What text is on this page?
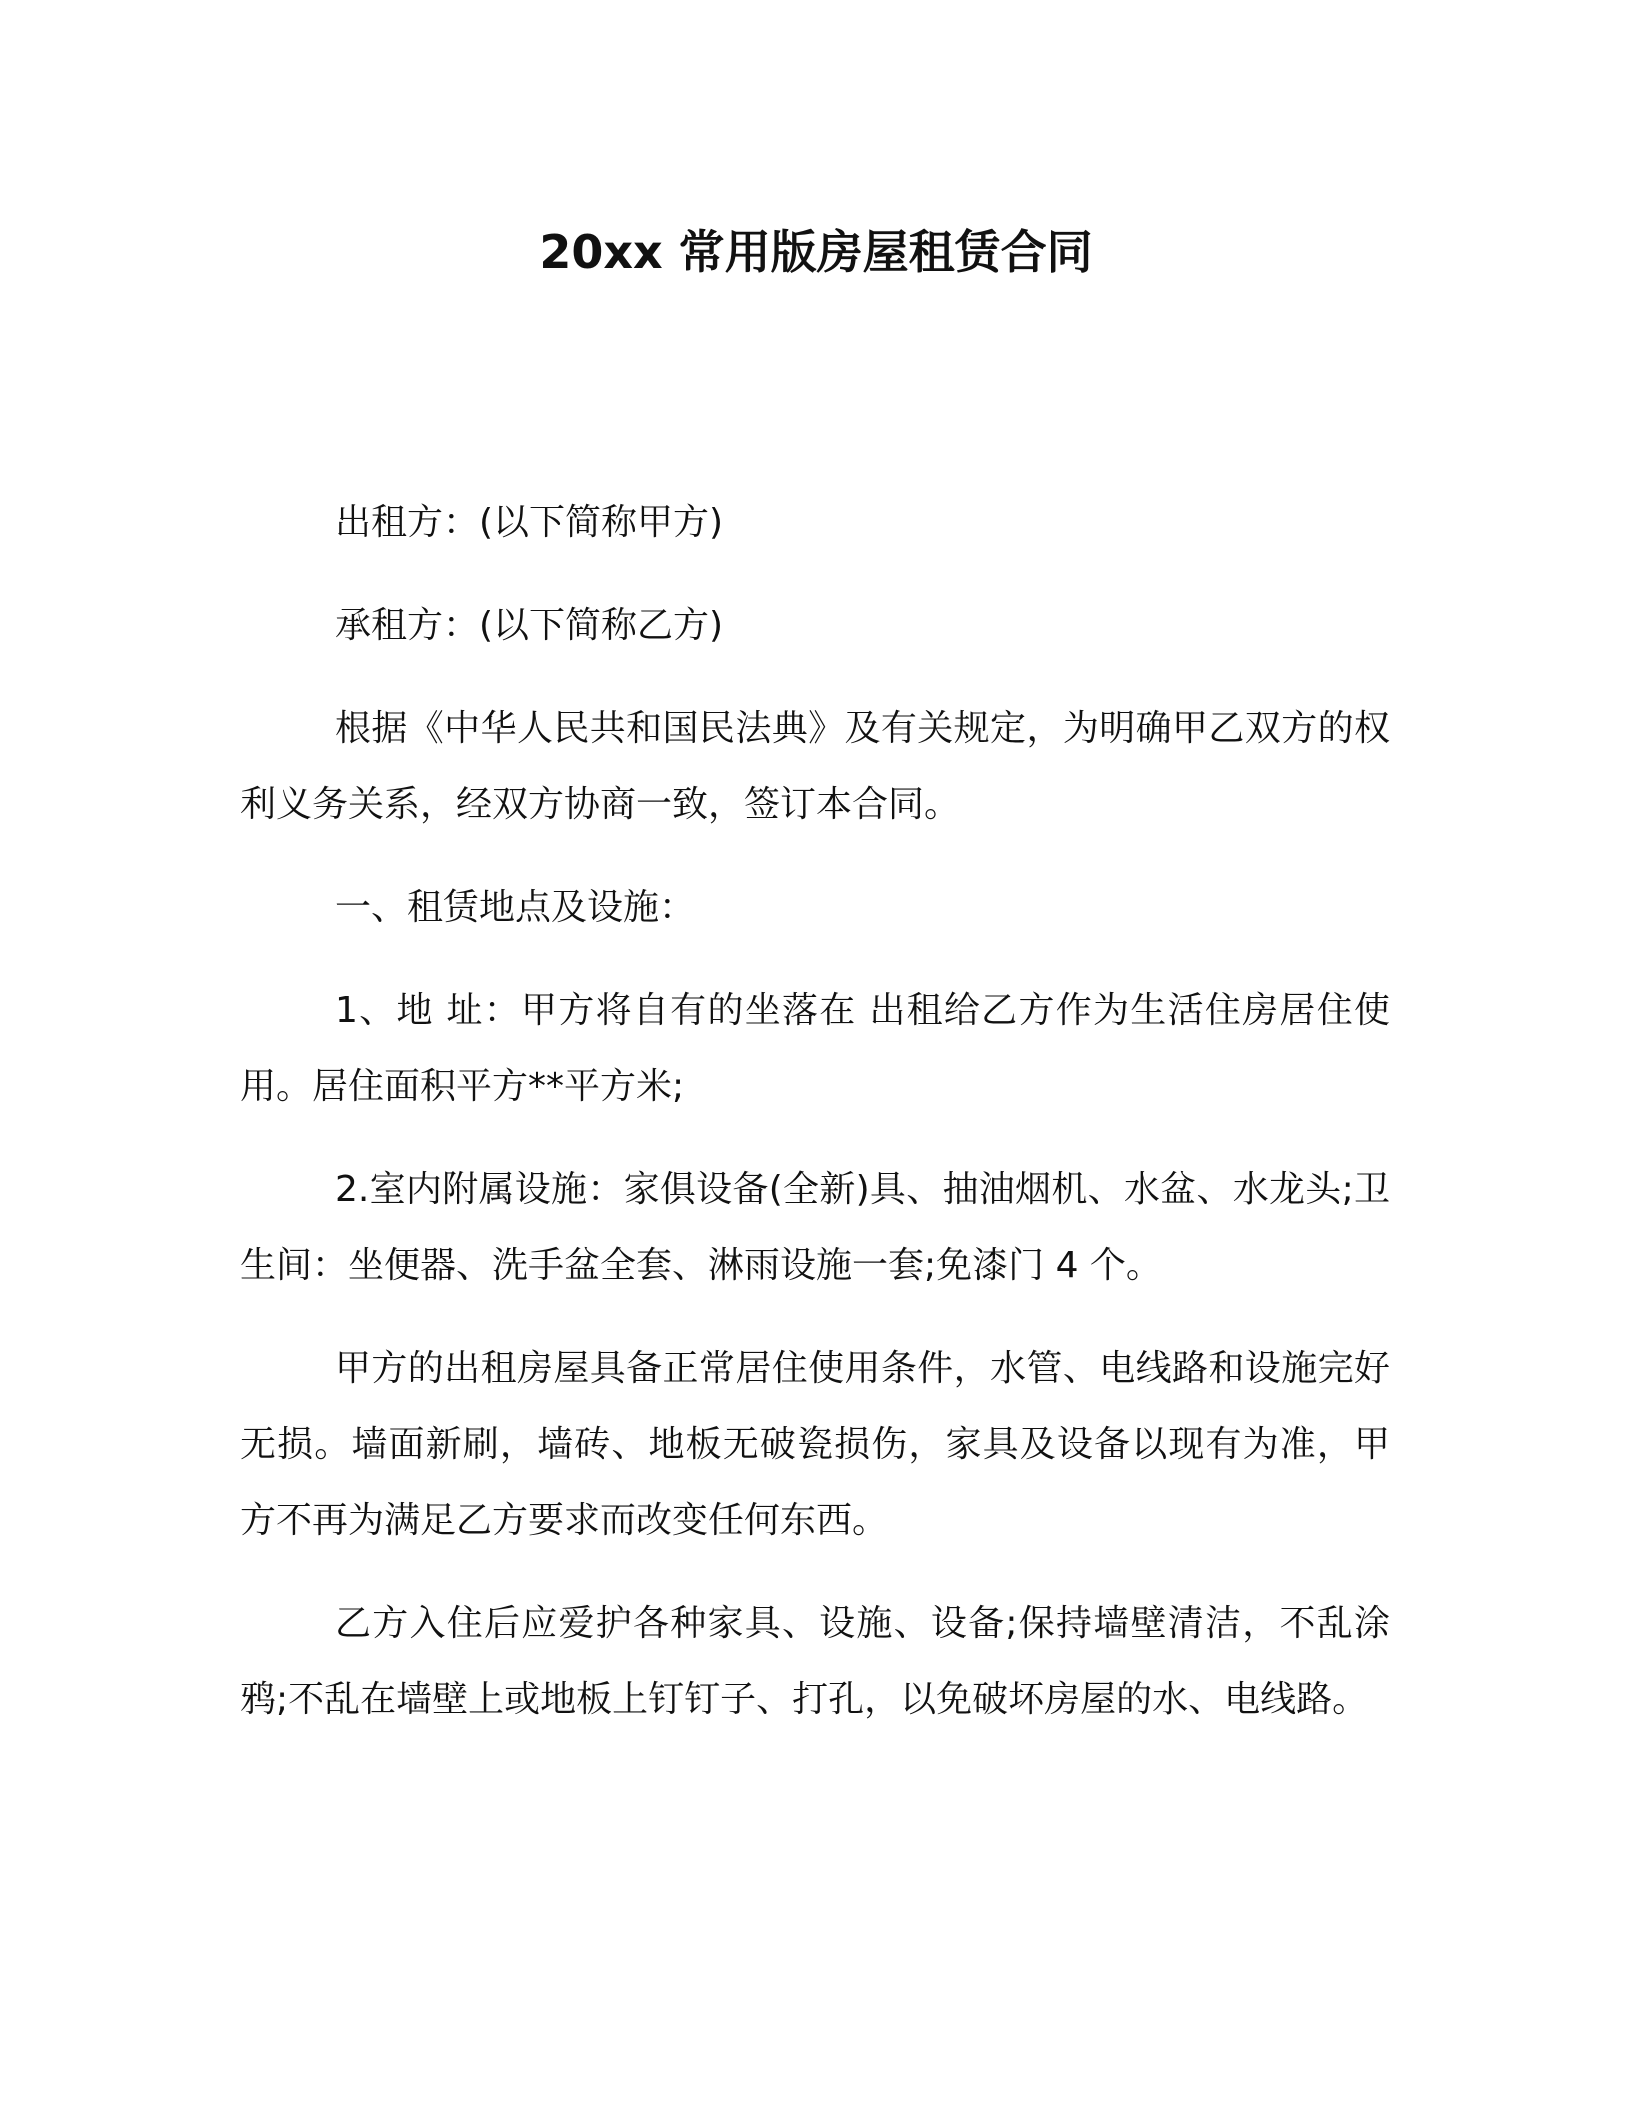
20xx 常用版房屋租赁合同

出租方：(以下简称甲方)

承租方：(以下简称乙方)

根据《中华人民共和国民法典》及有关规定，为明确甲乙双方的权利义务关系，经双方协商一致，签订本合同。

一、租赁地点及设施：

1、地 址：甲方将自有的坐落在 出租给乙方作为生活住房居住使用。居住面积平方**平方米;

2.室内附属设施：家俱设备(全新)具、抽油烟机、水盆、水龙头;卫生间：坐便器、洗手盆全套、淋雨设施一套;免漆门 4 个。

甲方的出租房屋具备正常居住使用条件，水管、电线路和设施完好无损。墙面新刷，墙砖、地板无破瓷损伤，家具及设备以现有为准，甲方不再为满足乙方要求而改变任何东西。

乙方入住后应爱护各种家具、设施、设备;保持墙壁清洁，不乱涂鸦;不乱在墙壁上或地板上钉钉子、打孔，以免破坏房屋的水、电线路。
